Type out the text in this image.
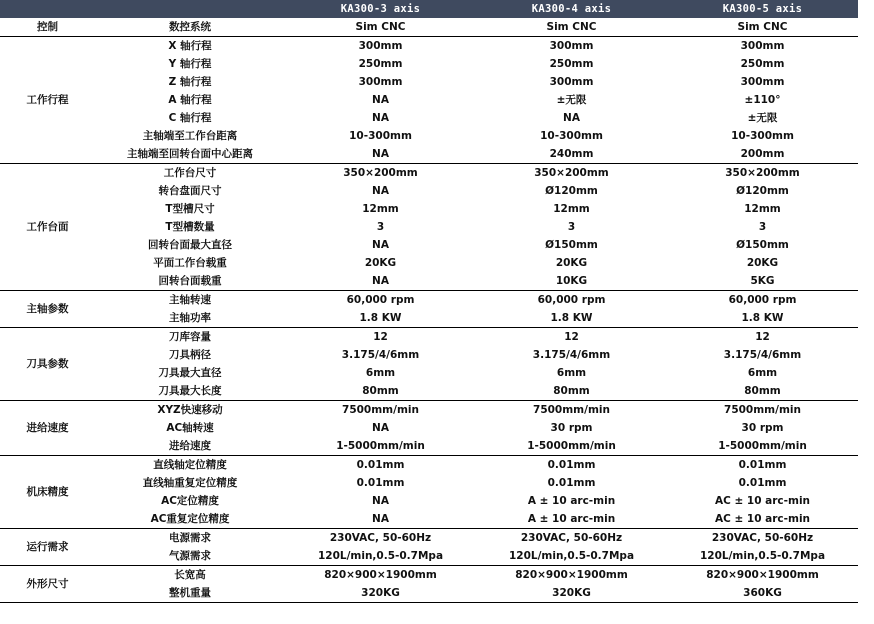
		KA300-3 axis	KA300-4 axis	KA300-5 axis
控制	数控系统	Sim CNC	Sim CNC	Sim CNC
工作行程	X 轴行程	300mm	300mm	300mm
	Y 轴行程	250mm	250mm	250mm
	Z 轴行程	300mm	300mm	300mm
	A 轴行程	NA	±无限	±110°
	C 轴行程	NA	NA	±无限
	主轴端至工作台距离	10-300mm	10-300mm	10-300mm
	主轴端至回转台面中心距离	NA	240mm	200mm
工作台面	工作台尺寸	350×200mm	350×200mm	350×200mm
	转台盘面尺寸	NA	Ø120mm	Ø120mm
	T型槽尺寸	12mm	12mm	12mm
	T型槽数量	3	3	3
	回转台面最大直径	NA	Ø150mm	Ø150mm
	平面工作台载重	20KG	20KG	20KG
	回转台面载重	NA	10KG	5KG
主轴参数	主轴转速	60,000 rpm	60,000 rpm	60,000 rpm
	主轴功率	1.8 KW	1.8 KW	1.8 KW
刀具参数	刀库容量	12	12	12
	刀具柄径	3.175/4/6mm	3.175/4/6mm	3.175/4/6mm
	刀具最大直径	6mm	6mm	6mm
	刀具最大长度	80mm	80mm	80mm
进给速度	XYZ快速移动	7500mm/min	7500mm/min	7500mm/min
	AC轴转速	NA	30 rpm	30 rpm
	进给速度	1-5000mm/min	1-5000mm/min	1-5000mm/min
机床精度	直线轴定位精度	0.01mm	0.01mm	0.01mm
	直线轴重复定位精度	0.01mm	0.01mm	0.01mm
	AC定位精度	NA	A ± 10 arc-min	AC ± 10 arc-min
	AC重复定位精度	NA	A ± 10 arc-min	AC ± 10 arc-min
运行需求	电源需求	230VAC, 50-60Hz	230VAC, 50-60Hz	230VAC, 50-60Hz
	气源需求	120L/min,0.5-0.7Mpa	120L/min,0.5-0.7Mpa	120L/min,0.5-0.7Mpa
外形尺寸	长宽高	820×900×1900mm	820×900×1900mm	820×900×1900mm
	整机重量	320KG	320KG	360KG
